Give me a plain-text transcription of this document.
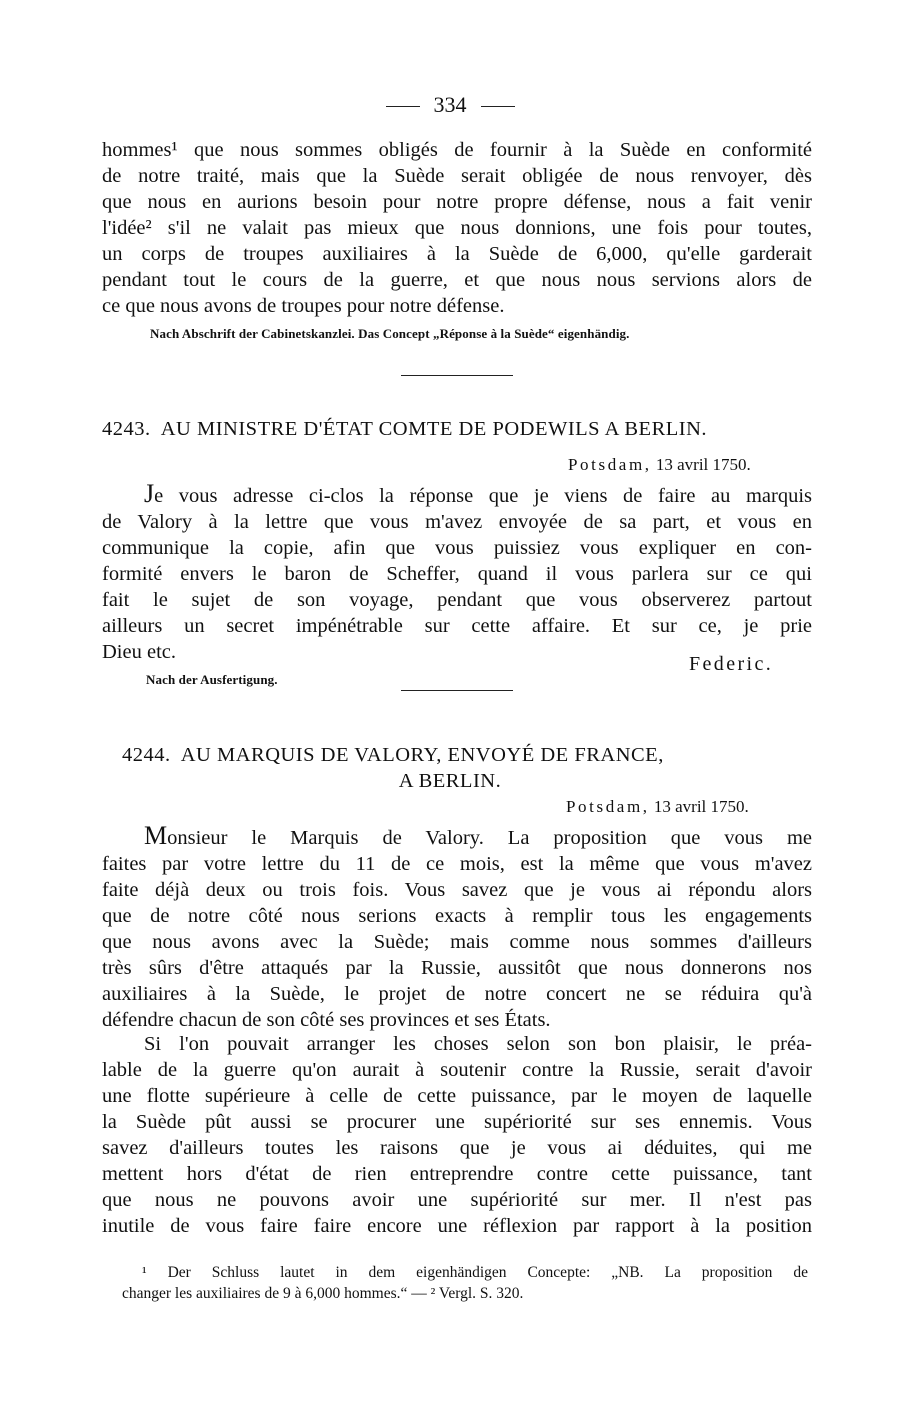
334
hommes¹ que nous sommes obligés de fournir à la Suède en conformité
de notre traité, mais que la Suède serait obligée de nous renvoyer, dès
que nous en aurions besoin pour notre propre défense, nous a fait venir
l'idée² s'il ne valait pas mieux que nous donnions, une fois pour toutes,
un corps de troupes auxiliaires à la Suède de 6,000, qu'elle garderait
pendant tout le cours de la guerre, et que nous nous servions alors de
ce que nous avons de troupes pour notre défense.
Nach Abschrift der Cabinetskanzlei. Das Concept „Réponse à la Suède“ eigenhändig.
4243. AU MINISTRE D'ÉTAT COMTE DE PODEWILS A BERLIN.
Potsdam, 13 avril 1750.
Je vous adresse ci-clos la réponse que je viens de faire au marquis
de Valory à la lettre que vous m'avez envoyée de sa part, et vous en
communique la copie, afin que vous puissiez vous expliquer en con-
formité envers le baron de Scheffer, quand il vous parlera sur ce qui
fait le sujet de son voyage, pendant que vous observerez partout
ailleurs un secret impénétrable sur cette affaire. Et sur ce, je prie
Dieu etc.
Federic.
Nach der Ausfertigung.
4244. AU MARQUIS DE VALORY, ENVOYÉ DE FRANCE,
A BERLIN.
Potsdam, 13 avril 1750.
Monsieur le Marquis de Valory. La proposition que vous me
faites par votre lettre du 11 de ce mois, est la même que vous m'avez
faite déjà deux ou trois fois. Vous savez que je vous ai répondu alors
que de notre côté nous serions exacts à remplir tous les engagements
que nous avons avec la Suède; mais comme nous sommes d'ailleurs
très sûrs d'être attaqués par la Russie, aussitôt que nous donnerons nos
auxiliaires à la Suède, le projet de notre concert ne se réduira qu'à
défendre chacun de son côté ses provinces et ses États.
Si l'on pouvait arranger les choses selon son bon plaisir, le préa-
lable de la guerre qu'on aurait à soutenir contre la Russie, serait d'avoir
une flotte supérieure à celle de cette puissance, par le moyen de laquelle
la Suède pût aussi se procurer une supériorité sur ses ennemis. Vous
savez d'ailleurs toutes les raisons que je vous ai déduites, qui me
mettent hors d'état de rien entreprendre contre cette puissance, tant
que nous ne pouvons avoir une supériorité sur mer. Il n'est pas
inutile de vous faire faire encore une réflexion par rapport à la position
¹ Der Schluss lautet in dem eigenhändigen Concepte: „NB. La proposition de
changer les auxiliaires de 9 à 6,000 hommes.“ — ² Vergl. S. 320.
